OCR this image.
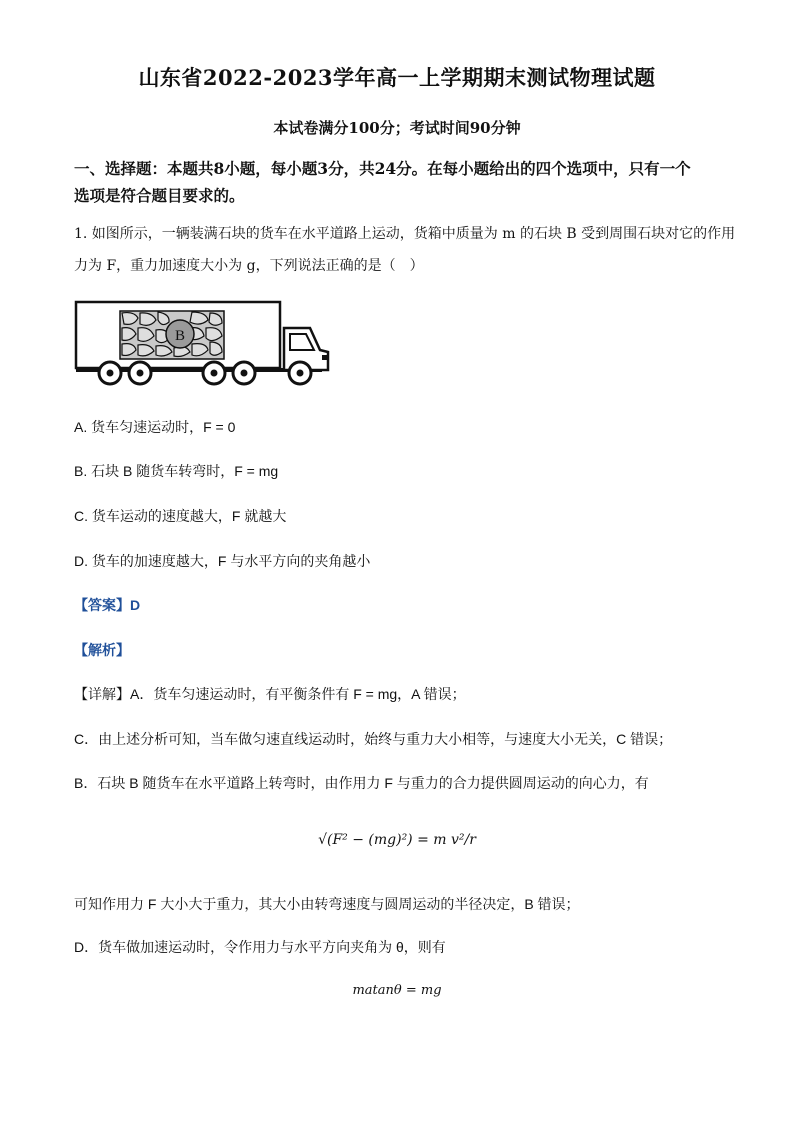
山东省2022-2023学年高一上学期期末测试物理试题
本试卷满分100分；考试时间90分钟
一、选择题：本题共8小题，每小题3分，共24分。在每小题给出的四个选项中，只有一个
选项是符合题目要求的。
1. 如图所示，一辆装满石块的货车在水平道路上运动，货箱中质量为 m 的石块 B 受到周围石块对它的作用
力为 F，重力加速度大小为 g，下列说法正确的是（　）
B
A. 货车匀速运动时，F = 0
B. 石块 B 随货车转弯时，F = mg
C. 货车运动的速度越大，F 就越大
D. 货车的加速度越大，F 与水平方向的夹角越小
【答案】D
【解析】
【详解】A．货车匀速运动时，有平衡条件有 F = mg，A 错误；
C．由上述分析可知，当车做匀速直线运动时，始终与重力大小相等，与速度大小无关，C 错误；
B．石块 B 随货车在水平道路上转弯时，由作用力 F 与重力的合力提供圆周运动的向心力，有
√(F² − (mg)²) = m v²/r
可知作用力 F 大小大于重力，其大小由转弯速度与圆周运动的半径决定，B 错误；
D．货车做加速运动时，令作用力与水平方向夹角为 θ，则有
matanθ = mg
